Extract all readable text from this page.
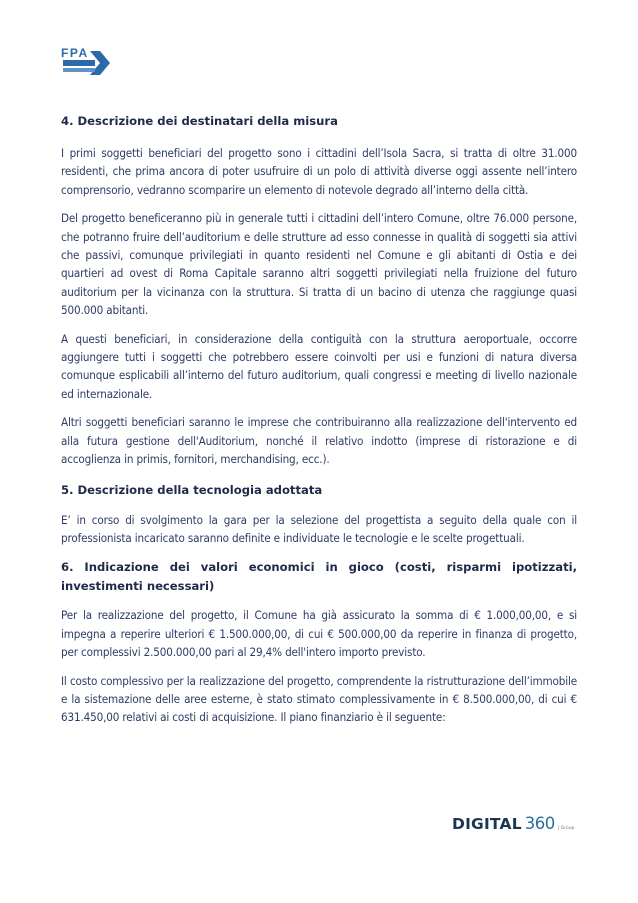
FPA
4. Descrizione dei destinatari della misura

I primi soggetti beneficiari del progetto sono i cittadini dell’Isola Sacra, si tratta di oltre 31.000 residenti, che prima ancora di poter usufruire di un polo di attività diverse oggi assente nell’intero comprensorio, vedranno scomparire un elemento di notevole degrado all’interno della città.

Del progetto beneficeranno più in generale tutti i cittadini dell’intero Comune, oltre 76.000 persone, che potranno fruire dell’auditorium e delle strutture ad esso connesse in qualità di soggetti sia attivi che passivi, comunque privilegiati in quanto residenti nel Comune e gli abitanti di Ostia e dei quartieri ad ovest di Roma Capitale saranno altri soggetti privilegiati nella fruizione del futuro auditorium per la vicinanza con la struttura. Si tratta di un bacino di utenza che raggiunge quasi 500.000 abitanti.

A questi beneficiari, in considerazione della contiguità con la struttura aeroportuale, occorre aggiungere tutti i soggetti che potrebbero essere coinvolti per usi e funzioni di natura diversa comunque esplicabili all’interno del futuro auditorium, quali congressi e meeting di livello nazionale ed internazionale.

Altri soggetti beneficiari saranno le imprese che contribuiranno alla realizzazione dell'intervento ed alla futura gestione dell'Auditorium, nonché il relativo indotto (imprese di ristorazione e di accoglienza in primis, fornitori, merchandising, ecc.).

5. Descrizione della tecnologia adottata

E’ in corso di svolgimento la gara per la selezione del progettista a seguito della quale con il professionista incaricato saranno definite e individuate le tecnologie e le scelte progettuali.

6. Indicazione dei valori economici in gioco (costi, risparmi ipotizzati, investimenti necessari)

Per la realizzazione del progetto, il Comune ha già assicurato la somma di € 1.000,00,00, e si impegna a reperire ulteriori € 1.500.000,00, di cui € 500.000,00 da reperire in finanza di progetto, per complessivi 2.500.000,00 pari al 29,4% dell'intero importo previsto.

Il costo complessivo per la realizzazione del progetto, comprendente la ristrutturazione dell’immobile e la sistemazione delle aree esterne, è stato stimato complessivamente in € 8.500.000,00, di cui € 631.450,00 relativi ai costi di acquisizione. Il piano finanziario è il seguente:

DIGITAL 360 | Group
